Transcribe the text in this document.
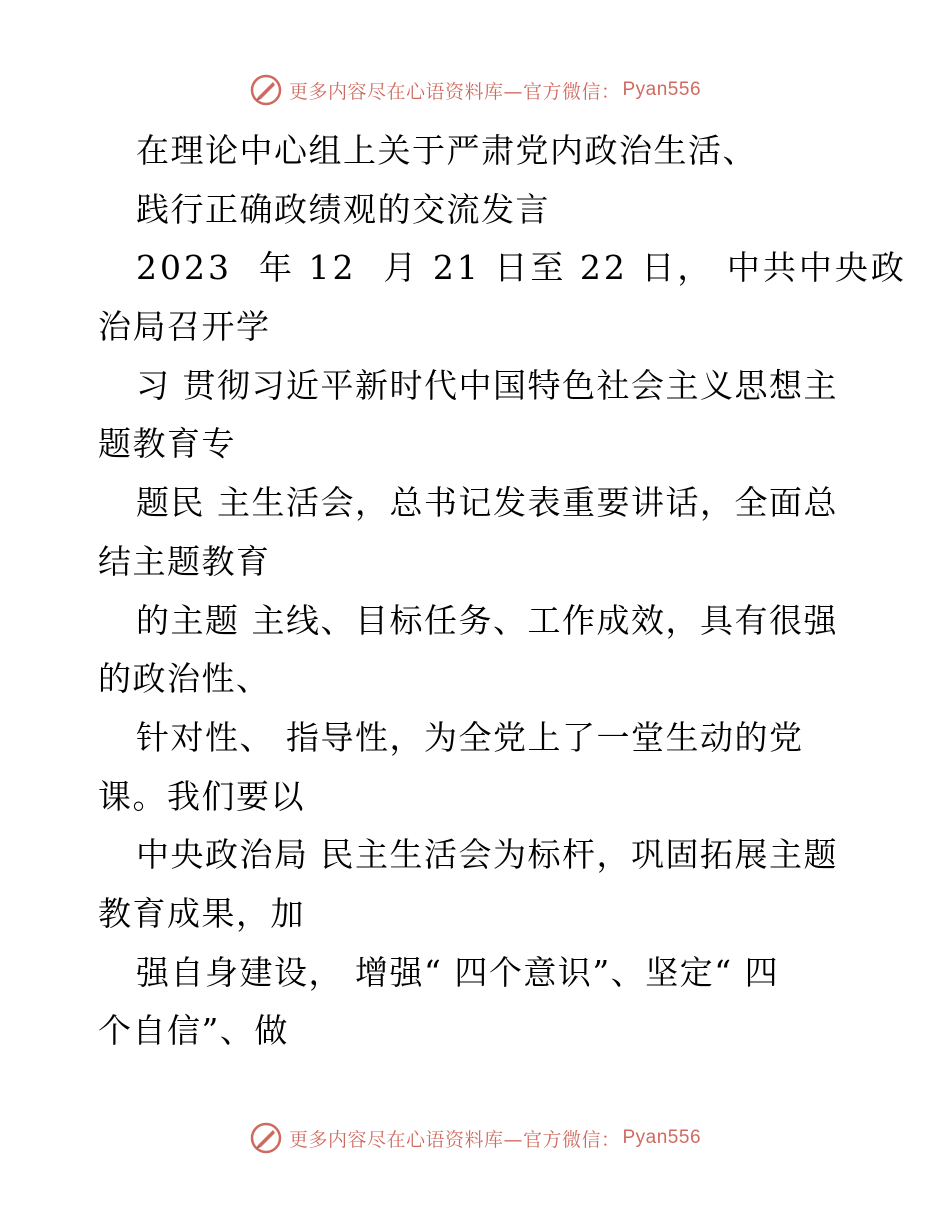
更多内容尽在心语资料库—官方微信： Pyan556
在理论中心组上关于严肃党内政治生活、
践行正确政绩观的交流发言
2023  年 12  月 21 日至 22 日， 中共中央政
治局召开学
习 贯彻习近平新时代中国特色社会主义思想主
题教育专
题民 主生活会，总书记发表重要讲话，全面总
结主题教育
的主题 主线、目标任务、工作成效，具有很强
的政治性、
针对性、 指导性，为全党上了一堂生动的党
课。我们要以
中央政治局 民主生活会为标杆，巩固拓展主题
教育成果，加
强自身建设， 增强“ 四个意识”、坚定“ 四
个自信”、做
更多内容尽在心语资料库—官方微信： Pyan556
